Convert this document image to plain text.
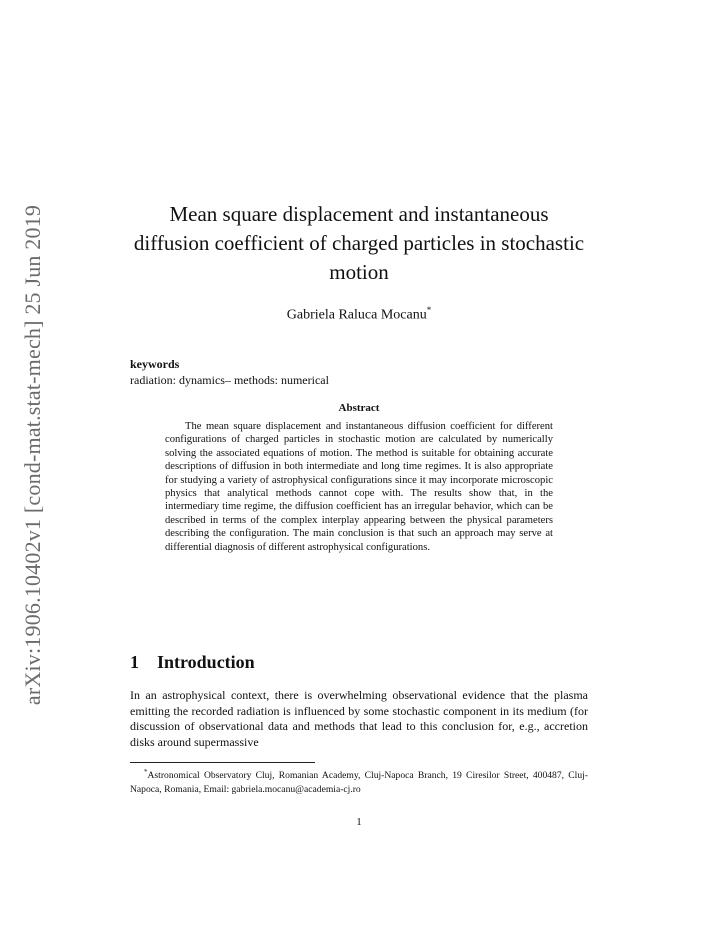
arXiv:1906.10402v1 [cond-mat.stat-mech] 25 Jun 2019	Mean square displacement and instantaneous diffusion coefficient of charged particles in stochastic motion
Gabriela Raluca Mocanu*
keywords
radiation: dynamics– methods: numerical
Abstract

The mean square displacement and instantaneous diffusion coefficient for different configurations of charged particles in stochastic motion are calculated by numerically solving the associated equations of motion. The method is suitable for obtaining accurate descriptions of diffusion in both intermediate and long time regimes. It is also appropriate for studying a variety of astrophysical configurations since it may incorporate microscopic physics that analytical methods cannot cope with. The results show that, in the intermediary time regime, the diffusion coefficient has an irregular behavior, which can be described in terms of the complex interplay appearing between the physical parameters describing the configuration. The main conclusion is that such an approach may serve at differential diagnosis of different astrophysical configurations.

1 Introduction

In an astrophysical context, there is overwhelming observational evidence that the plasma emitting the recorded radiation is influenced by some stochastic component in its medium (for discussion of observational data and methods that lead to this conclusion for, e.g., accretion disks around supermassive

*Astronomical Observatory Cluj, Romanian Academy, Cluj-Napoca Branch, 19 Ciresilor Street, 400487, Cluj-Napoca, Romania, Email: gabriela.mocanu@academia-cj.ro

1
